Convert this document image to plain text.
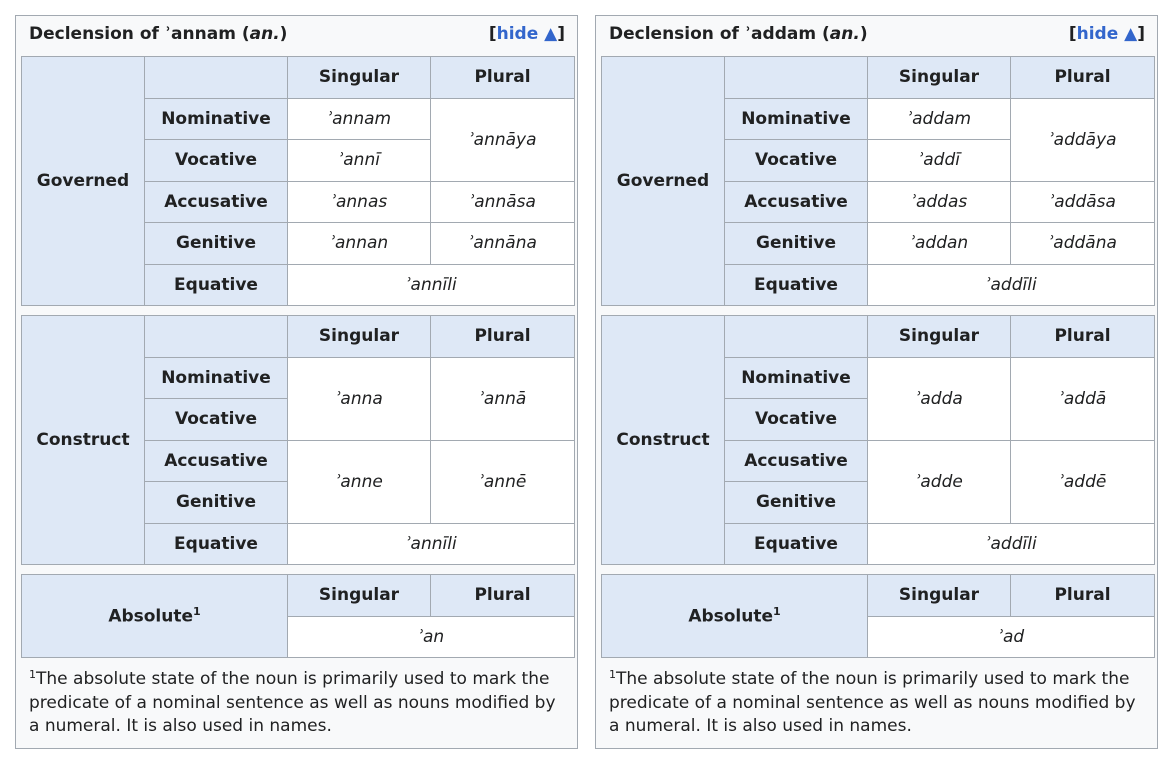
Declension of ʾannam (an.)	[hide ▲]
Governed		Singular	Plural
	Nominative	ʾannam	ʾannāya
	Vocative	ʾannī	
	Accusative	ʾannas	ʾannāsa
	Genitive	ʾannan	ʾannāna
	Equative	ʾannīli	
Construct		Singular	Plural
	Nominative	ʾanna	ʾannā
	Vocative		
	Accusative	ʾanne	ʾannē
	Genitive		
	Equative	ʾannīli	
Absolute$^1$	Singular	Plural
ʾan
$^1$The absolute state of the noun is primarily used to mark the predicate of a nominal sentence as well as nouns modified by a numeral. It is also used in names.
Declension of ʾaddam (an.)	[hide ▲]
Governed		Singular	Plural
	Nominative	ʾaddam	ʾaddāya
	Vocative	ʾaddī	
	Accusative	ʾaddas	ʾaddāsa
	Genitive	ʾaddan	ʾaddāna
	Equative	ʾaddīli	
Construct		Singular	Plural
	Nominative	ʾadda	ʾaddā
	Vocative		
	Accusative	ʾadde	ʾaddē
	Genitive		
	Equative	ʾaddīli	
Absolute$^1$	Singular	Plural
ʾad
$^1$The absolute state of the noun is primarily used to mark the predicate of a nominal sentence as well as nouns modified by a numeral. It is also used in names.
